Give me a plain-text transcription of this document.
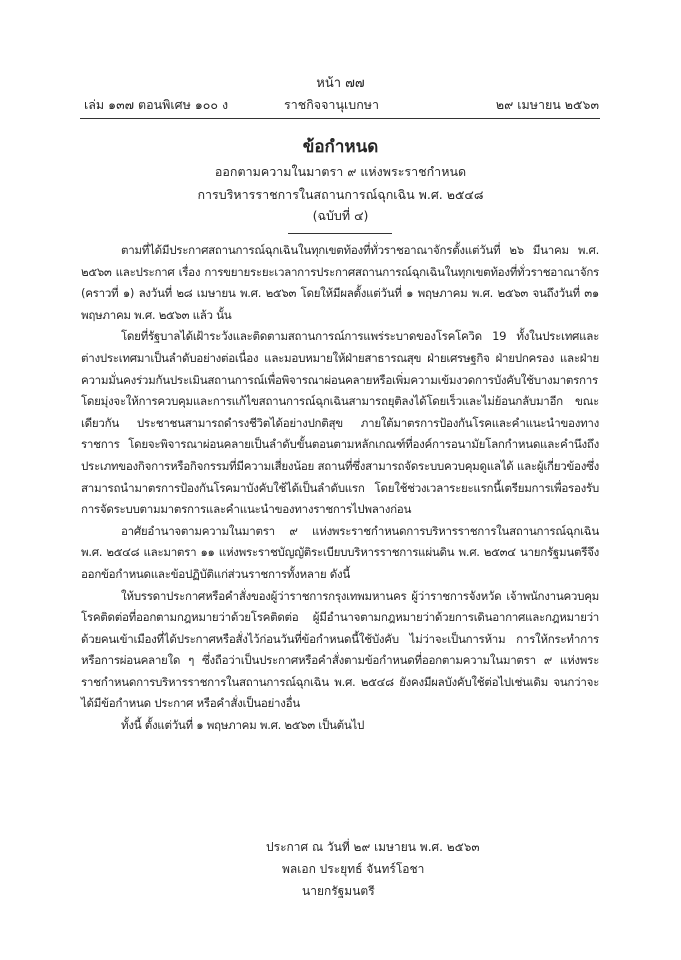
หน้า ๗๗
เล่ม ๑๓๗ ตอนพิเศษ ๑๐๐ ง	ราชกิจจานุเบกษา	๒๙ เมษายน ๒๕๖๓
ข้อกำหนด
ออกตามความในมาตรา ๙ แห่งพระราชกำหนด
การบริหารราชการในสถานการณ์ฉุกเฉิน พ.ศ. ๒๕๔๘
(ฉบับที่ ๔)

ตามที่ได้มีประกาศสถานการณ์ฉุกเฉินในทุกเขตท้องที่ทั่วราชอาณาจักรตั้งแต่วันที่ ๒๖ มีนาคม พ.ศ. ๒๕๖๓ และประกาศ เรื่อง การขยายระยะเวลาการประกาศสถานการณ์ฉุกเฉินในทุกเขตท้องที่ทั่วราชอาณาจักร (คราวที่ ๑) ลงวันที่ ๒๘ เมษายน พ.ศ. ๒๕๖๓ โดยให้มีผลตั้งแต่วันที่ ๑ พฤษภาคม พ.ศ. ๒๕๖๓ จนถึงวันที่ ๓๑ พฤษภาคม พ.ศ. ๒๕๖๓ แล้ว นั้น

โดยที่รัฐบาลได้เฝ้าระวังและติดตามสถานการณ์การแพร่ระบาดของโรคโควิด 19 ทั้งในประเทศและต่างประเทศมาเป็นลำดับอย่างต่อเนื่อง และมอบหมายให้ฝ่ายสาธารณสุข ฝ่ายเศรษฐกิจ ฝ่ายปกครอง และฝ่ายความมั่นคงร่วมกันประเมินสถานการณ์เพื่อพิจารณาผ่อนคลายหรือเพิ่มความเข้มงวดการบังคับใช้บางมาตรการ โดยมุ่งจะให้การควบคุมและการแก้ไขสถานการณ์ฉุกเฉินสามารถยุติลงได้โดยเร็วและไม่ย้อนกลับมาอีก ขณะเดียวกัน ประชาชนสามารถดำรงชีวิตได้อย่างปกติสุข ภายใต้มาตรการป้องกันโรคและคำแนะนำของทางราชการ โดยจะพิจารณาผ่อนคลายเป็นลำดับขั้นตอนตามหลักเกณฑ์ที่องค์การอนามัยโลกกำหนดและคำนึงถึงประเภทของกิจการหรือกิจกรรมที่มีความเสี่ยงน้อย สถานที่ซึ่งสามารถจัดระบบควบคุมดูแลได้ และผู้เกี่ยวข้องซึ่งสามารถนำมาตรการป้องกันโรคมาบังคับใช้ได้เป็นลำดับแรก โดยใช้ช่วงเวลาระยะแรกนี้เตรียมการเพื่อรองรับการจัดระบบตามมาตรการและคำแนะนำของทางราชการไปพลางก่อน

อาศัยอำนาจตามความในมาตรา ๙ แห่งพระราชกำหนดการบริหารราชการในสถานการณ์ฉุกเฉิน พ.ศ. ๒๕๔๘ และมาตรา ๑๑ แห่งพระราชบัญญัติระเบียบบริหารราชการแผ่นดิน พ.ศ. ๒๕๓๔ นายกรัฐมนตรีจึงออกข้อกำหนดและข้อปฏิบัติแก่ส่วนราชการทั้งหลาย ดังนี้

ให้บรรดาประกาศหรือคำสั่งของผู้ว่าราชการกรุงเทพมหานคร ผู้ว่าราชการจังหวัด เจ้าพนักงานควบคุมโรคติดต่อที่ออกตามกฎหมายว่าด้วยโรคติดต่อ ผู้มีอำนาจตามกฎหมายว่าด้วยการเดินอากาศและกฎหมายว่าด้วยคนเข้าเมืองที่ได้ประกาศหรือสั่งไว้ก่อนวันที่ข้อกำหนดนี้ใช้บังคับ ไม่ว่าจะเป็นการห้าม การให้กระทำการ หรือการผ่อนคลายใด ๆ ซึ่งถือว่าเป็นประกาศหรือคำสั่งตามข้อกำหนดที่ออกตามความในมาตรา ๙ แห่งพระราชกำหนดการบริหารราชการในสถานการณ์ฉุกเฉิน พ.ศ. ๒๕๔๘ ยังคงมีผลบังคับใช้ต่อไปเช่นเดิม จนกว่าจะได้มีข้อกำหนด ประกาศ หรือคำสั่งเป็นอย่างอื่น

ทั้งนี้ ตั้งแต่วันที่ ๑ พฤษภาคม พ.ศ. ๒๕๖๓ เป็นต้นไป

ประกาศ ณ วันที่ ๒๙ เมษายน พ.ศ. ๒๕๖๓
พลเอก ประยุทธ์ จันทร์โอชา
นายกรัฐมนตรี
